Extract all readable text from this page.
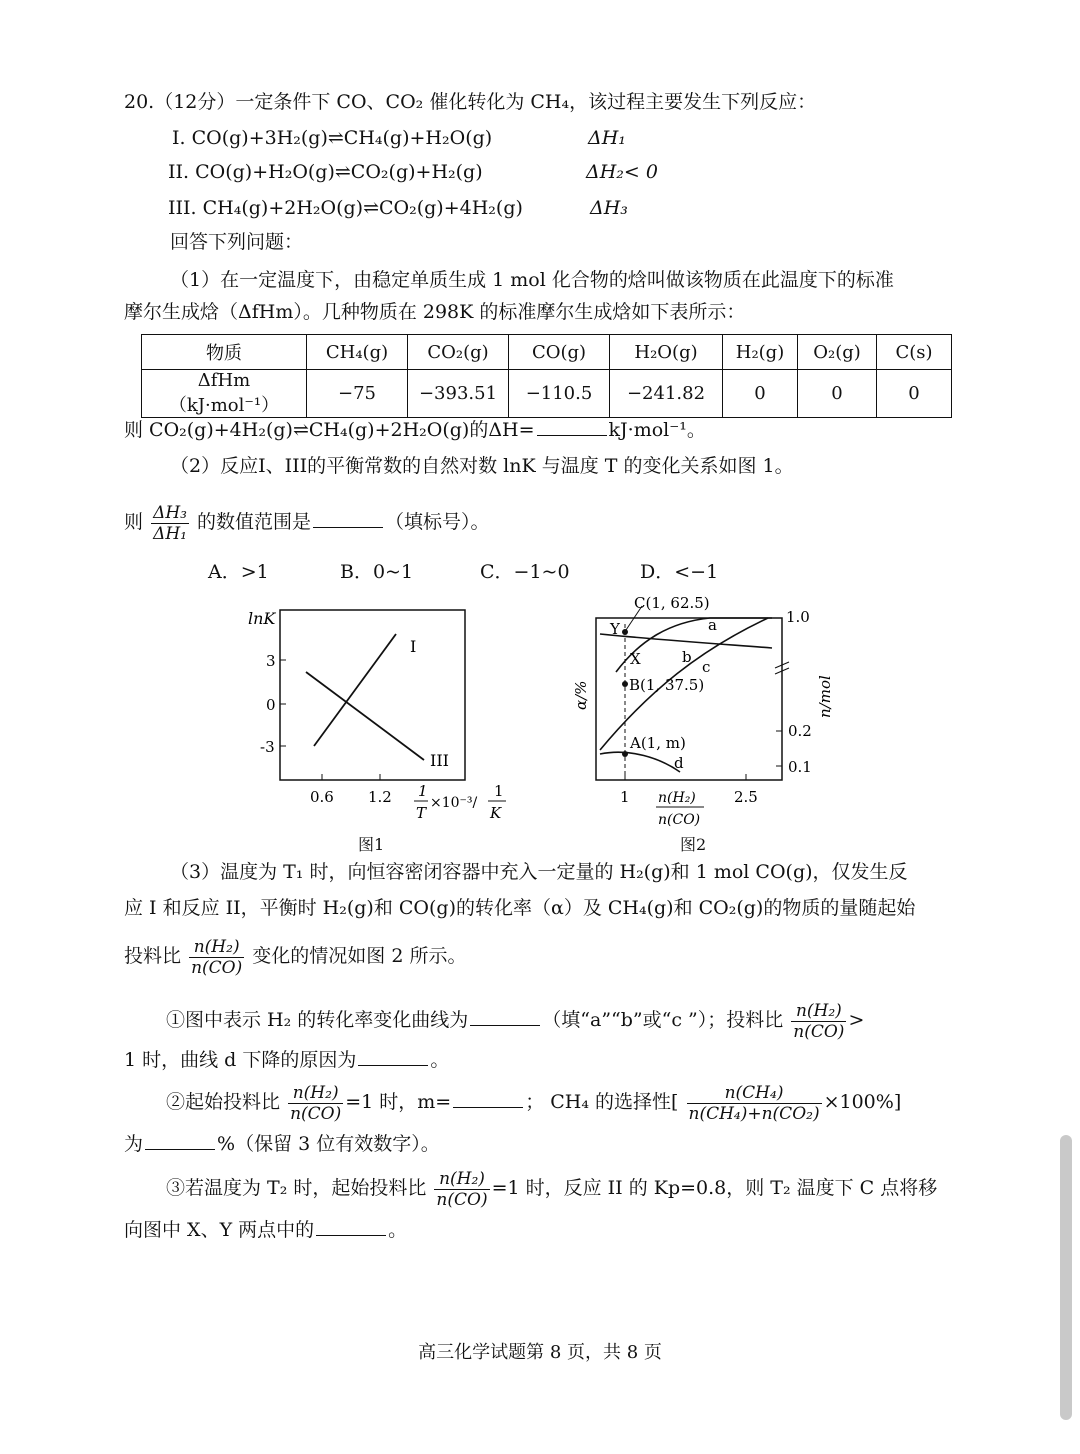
20.（12分）一定条件下 CO、CO₂ 催化转化为 CH₄，该过程主要发生下列反应：
I. CO(g)+3H₂(g)⇌CH₄(g)+H₂O(g)	ΔH₁
II. CO(g)+H₂O(g)⇌CO₂(g)+H₂(g)	ΔH₂< 0
III. CH₄(g)+2H₂O(g)⇌CO₂(g)+4H₂(g)	ΔH₃
回答下列问题：
（1）在一定温度下，由稳定单质生成 1 mol 化合物的焓叫做该物质在此温度下的标准
摩尔生成焓（ΔfHm）。几种物质在 298K 的标准摩尔生成焓如下表所示：
物质	CH₄(g)	CO₂(g)	CO(g)	H₂O(g)	H₂(g)	O₂(g)	C(s)
ΔfHm（kJ·mol⁻¹）	−75	−393.51	−110.5	−241.82	0	0	0
则 CO₂(g)+4H₂(g)⇌CH₄(g)+2H₂O(g)的ΔH=	kJ·mol⁻¹。
（2）反应I、III的平衡常数的自然对数 lnK 与温度 T 的变化关系如图 1。
则 $\frac{\text{ΔH₃}}{\text{ΔH₁}}$ 的数值范围是	（填标号）。
A．>1	B．0~1	C．−1~0	D．<−1
lnK
3
0
-3
0.6 1.2
I
III
1
T
×10⁻³/
1
K
图1
α/%	n/mol
1.0
0.2
0.1
1	2.5
n(H₂)
n(CO)
a
b
c
d
C(1, 62.5)
Y
X
B(1, 37.5)
A(1, m)
图2
（3）温度为 T₁ 时，向恒容密闭容器中充入一定量的 H₂(g)和 1 mol CO(g)，仅发生反
应 I 和反应 II，平衡时 H₂(g)和 CO(g)的转化率（α）及 CH₄(g)和 CO₂(g)的物质的量随起始
投料比 $\frac{\text{n(H₂)}}{n(CO)}$ 变化的情况如图 2 所示。
①图中表示 H₂ 的转化率变化曲线为	（填“a”“b”或“c ”）；投料比 $\frac{\text{n(H₂)}}{n(CO)}$ >
1 时，曲线 d 下降的原因为	。
②起始投料比 $\frac{\text{n(H₂)}}{n(CO)} =1$ 时，m=	； CH₄ 的选择性[ $\frac{\text{n(CH₄)}}{\text{n(CH₄)+n(CO₂)}} \times 100\%$]
为	%（保留 3 位有效数字）。
③若温度为 T₂ 时，起始投料比 $\frac{\text{n(H₂)}}{n(CO)} =1$ 时，反应 II 的 Kp=0.8，则 T₂ 温度下 C 点将移
向图中 X、Y 两点中的	。
高三化学试题第 8 页，共 8 页
